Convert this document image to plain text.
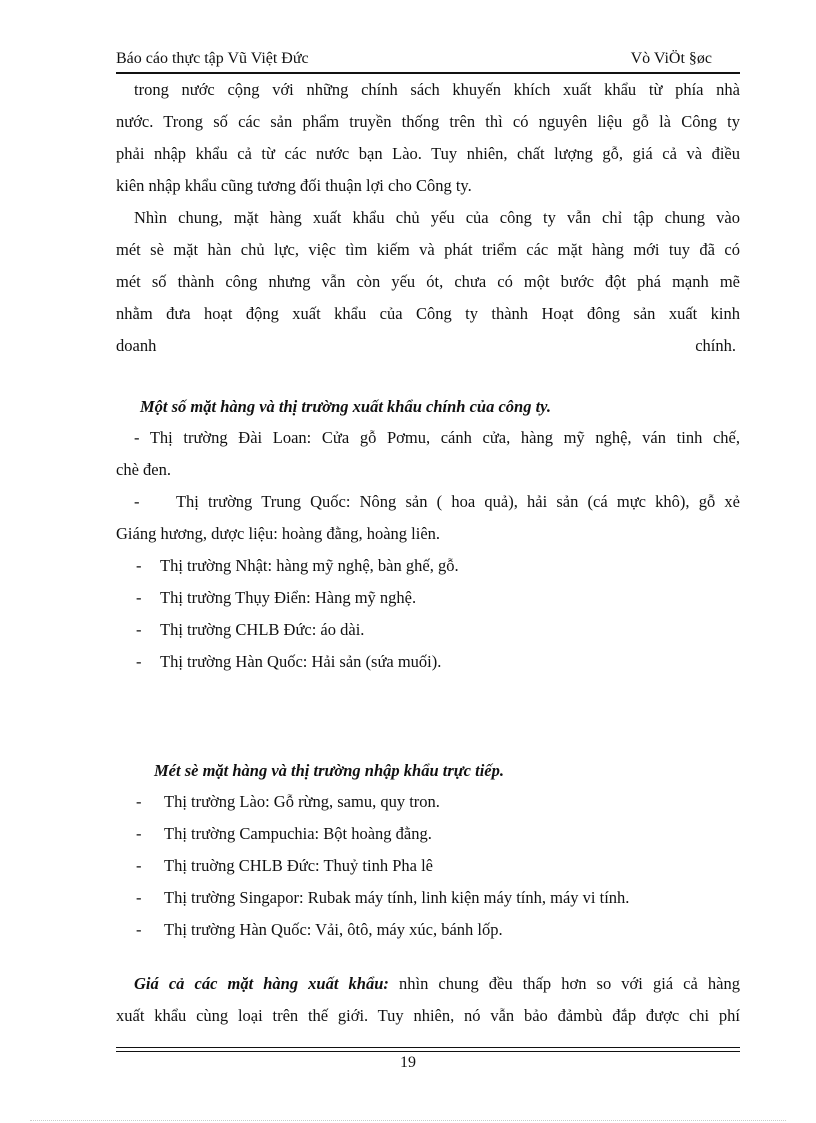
Báo cáo thực tập Vũ Việt Đức	Vò ViÖt §øc

trong nước cộng với những chính sách khuyến khích xuất khẩu từ phía nhà

nước. Trong số các sản phẩm truyền thống trên thì có nguyên liệu gỗ là Công ty

phải nhập khẩu cả từ các nước bạn Lào. Tuy nhiên, chất lượng gỗ, giá cả và điều

kiên nhập khẩu cũng tương đối thuận lợi cho Công ty.

Nhìn chung, mặt hàng xuất khẩu chủ yếu của công ty vẫn chỉ tập chung vào

mét sè mặt hàn chủ lực, việc tìm kiếm và phát triểm các mặt hàng mới tuy đã có

mét số thành công nhưng vẫn còn yếu ót, chưa có một bước đột phá mạnh mẽ

nhằm đưa hoạt động xuất khẩu của Công ty thành Hoạt đông sản xuất kinh

doanh	chính.
Một số mặt hàng và thị trường xuất khẩu chính của công ty.

- Thị trường Đài Loan: Cửa gỗ Pơmu, cánh cửa, hàng mỹ nghệ, ván tinh chế,

chè đen.

-    Thị trường Trung Quốc: Nông sản ( hoa quả), hải sản (cá mực khô), gỗ xẻ

Giáng hương, dược liệu: hoàng đằng, hoàng liên.

- Thị trường Nhật: hàng mỹ nghệ, bàn ghế, gỗ.
- Thị trường Thụy Điển: Hàng mỹ nghệ.
- Thị trường CHLB Đức: áo dài.
- Thị trường Hàn Quốc: Hải sản (sứa muối).
Mét sè mặt hàng và thị trường nhập khẩu trực tiếp.
- Thị trường Lào: Gỗ rừng, samu, quy tron.
- Thị trường Campuchia: Bột hoàng đằng.
- Thị truờng CHLB Đức: Thuỷ tinh Pha lê
- Thị trường Singapor: Rubak máy tính, linh kiện máy tính, máy vi tính.
- Thị trường Hàn Quốc: Vải, ôtô, máy xúc, bánh lốp.

Giá cả các mặt hàng xuất khẩu: nhìn chung đều thấp hơn so với giá cả hàng

xuất khẩu cùng loại trên thế giới. Tuy nhiên, nó vẫn bảo đảmbù đắp được chi phí

19
